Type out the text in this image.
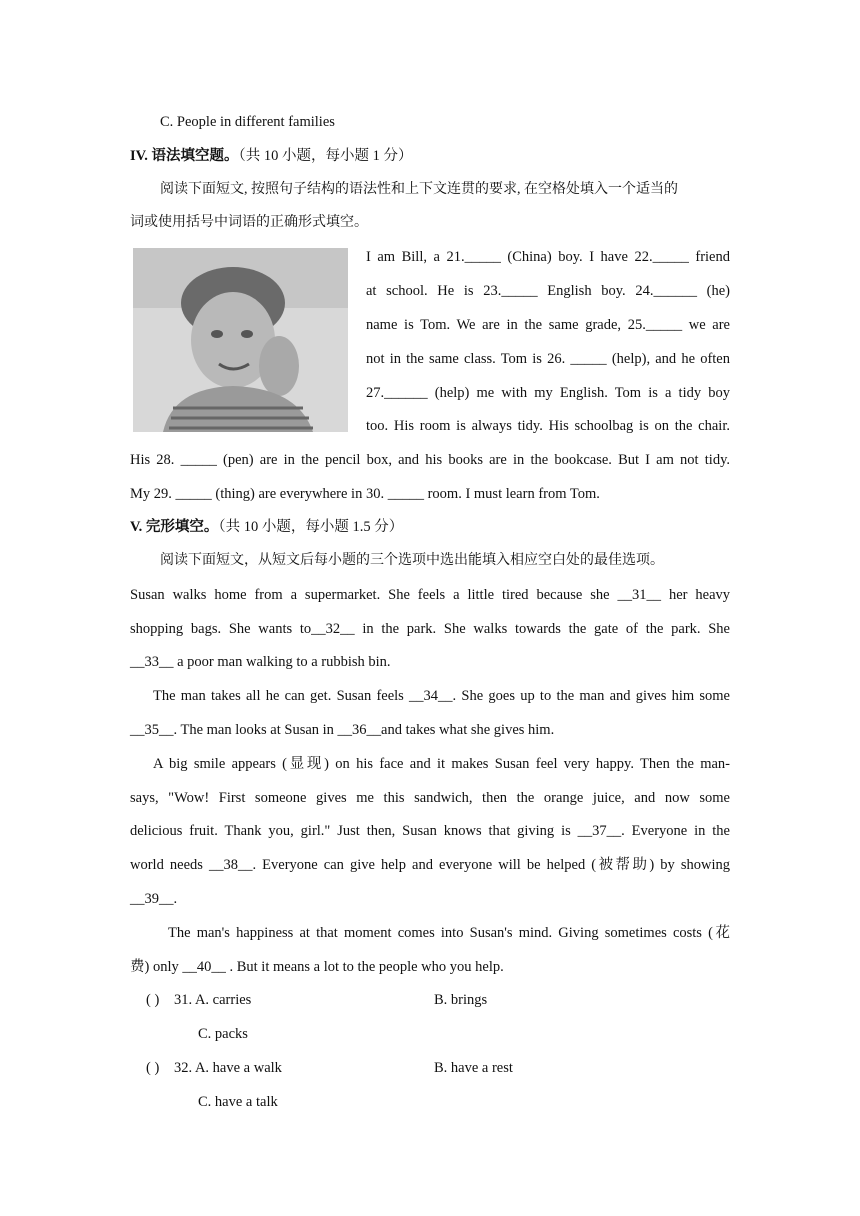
C. People in different families
IV. 语法填空题。（共 10 小题，每小题 1 分）
阅读下面短文, 按照句子结构的语法性和上下文连贯的要求, 在空格处填入一个适当的
词或使用括号中词语的正确形式填空。
I am Bill, a 21._____ (China) boy. I have 22._____ friend
at school. He is 23._____ English boy. 24.______ (he)
name is Tom. We are in the same grade, 25._____ we are
not in the same class. Tom is 26. _____ (help), and he often
27.______ (help) me with my English. Tom is a tidy boy
too. His room is always tidy. His schoolbag is on the chair.
His 28. _____ (pen) are in the pencil box, and his books are in the bookcase. But I am not tidy.
My 29. _____ (thing) are everywhere in 30. _____ room. I must learn from Tom.
V. 完形填空。（共 10 小题，每小题 1.5 分）
阅读下面短文，从短文后每小题的三个选项中选出能填入相应空白处的最佳选项。
Susan walks home from a supermarket. She feels a little tired because she __31__ her heavy
shopping bags. She wants to__32__ in the park. She walks towards the gate of the park. She
__33__ a poor man walking to a rubbish bin.
The man takes all he can get. Susan feels __34__. She goes up to the man and gives him some
__35__. The man looks at Susan in __36__and takes what she gives him.
A big smile appears (显现) on his face and it makes Susan feel very happy. Then the man-
says, "Wow! First someone gives me this sandwich, then the orange juice, and now some
delicious fruit. Thank you, girl." Just then, Susan knows that giving is __37__. Everyone in the
world needs __38__. Everyone can give help and everyone will be helped (被帮助) by showing
__39__.
The man's happiness at that moment comes into Susan's mind. Giving sometimes costs (花
费) only __40__ . But it means a lot to the people who you help.
( ) 31. A. carries	B. brings
C. packs
( ) 32. A. have a walk	B. have a rest
C. have a talk
